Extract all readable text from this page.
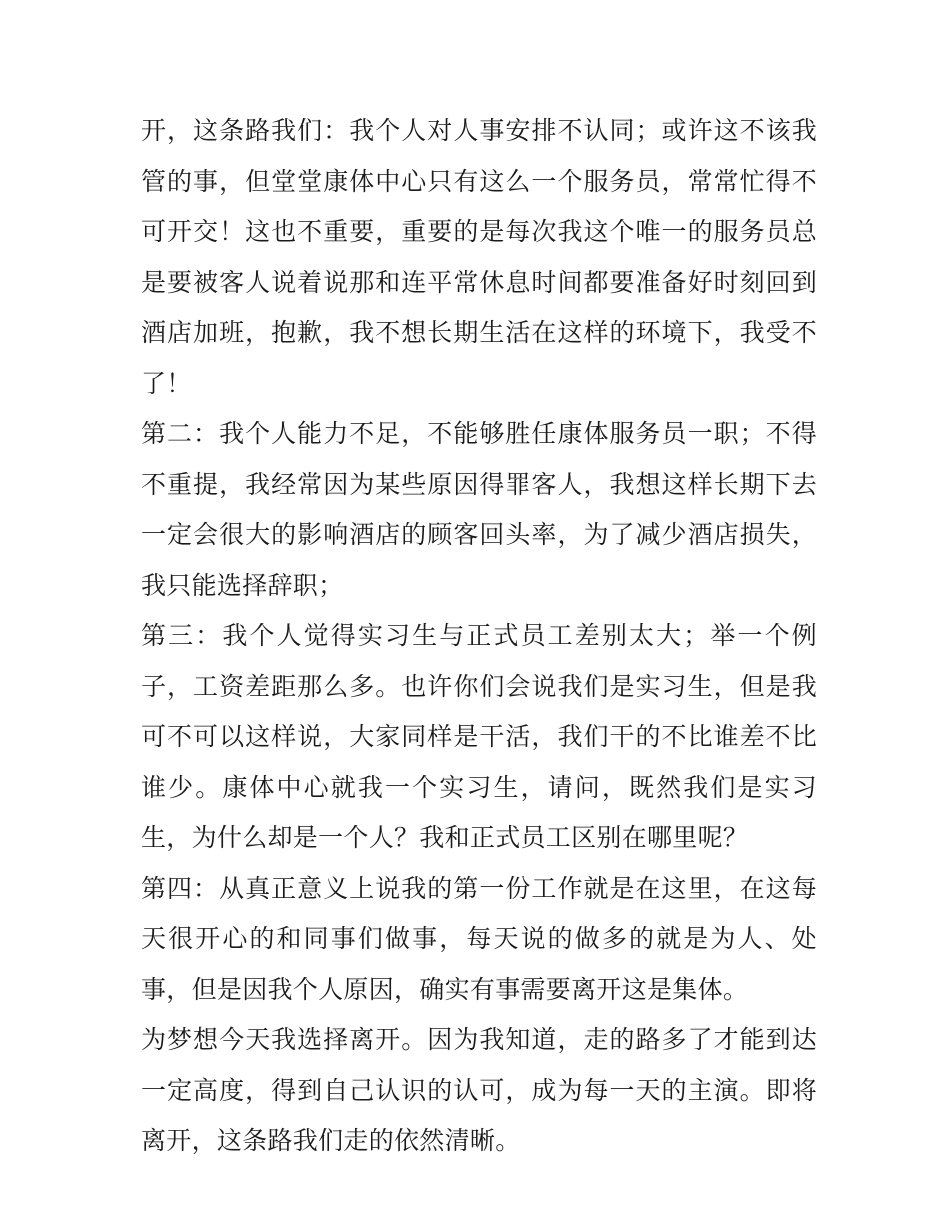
开，这条路我们：我个人对人事安排不认同；或许这不该我管的事，但堂堂康体中心只有这么一个服务员，常常忙得不可开交！这也不重要，重要的是每次我这个唯一的服务员总是要被客人说着说那和连平常休息时间都要准备好时刻回到酒店加班，抱歉，我不想长期生活在这样的环境下，我受不了！

第二：我个人能力不足，不能够胜任康体服务员一职；不得不重提，我经常因为某些原因得罪客人，我想这样长期下去一定会很大的影响酒店的顾客回头率，为了减少酒店损失，我只能选择辞职；

第三：我个人觉得实习生与正式员工差别太大；举一个例子，工资差距那么多。也许你们会说我们是实习生，但是我可不可以这样说，大家同样是干活，我们干的不比谁差不比谁少。康体中心就我一个实习生，请问，既然我们是实习生，为什么却是一个人？我和正式员工区别在哪里呢？

第四：从真正意义上说我的第一份工作就是在这里，在这每天很开心的和同事们做事，每天说的做多的就是为人、处事，但是因我个人原因，确实有事需要离开这是集体。

为梦想今天我选择离开。因为我知道，走的路多了才能到达一定高度，得到自己认识的认可，成为每一天的主演。即将离开，这条路我们走的依然清晰。
